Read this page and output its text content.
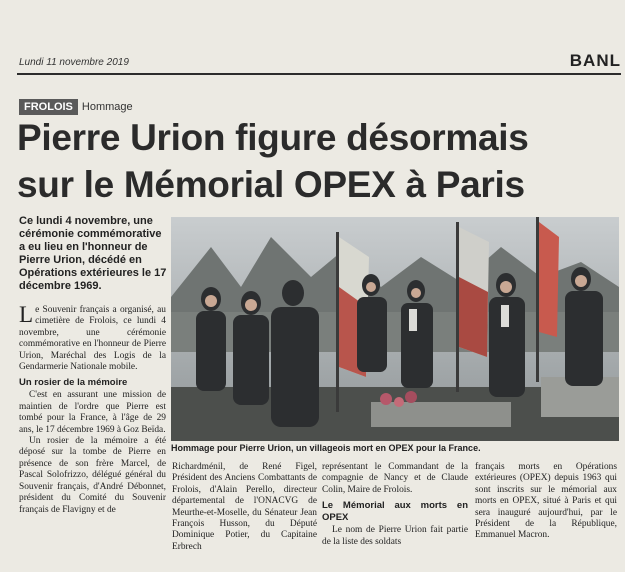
Lundi 11 novembre 2019	BANL
FROLOIS Hommage
Pierre Urion figure désormais
sur le Mémorial OPEX à Paris
Ce lundi 4 novembre, une cérémonie commémorative a eu lieu en l'honneur de Pierre Urion, décédé en Opérations extérieures le 17 décembre 1969.

Le Souvenir français a organisé, au cimetière de Frolois, ce lundi 4 novembre, une cérémonie commémorative en l'honneur de Pierre Urion, Maréchal des Logis de la Gendarmerie Nationale mobile.

Un rosier de la mémoire

C'est en assurant une mission de maintien de l'ordre que Pierre est tombé pour la France, à l'âge de 29 ans, le 17 décembre 1969 à Goz Beïda.

Un rosier de la mémoire a été déposé sur la tombe de Pierre en présence de son frère Marcel, de Pascal Solofrizzo, délégué général du Souvenir français, d'André Débonnet, président du Comité du Souvenir français de Flavigny et de

Hommage pour Pierre Urion, un villageois mort en OPEX pour la France.

Richardménil, de René Figel, Président des Anciens Combattants de Frolois, d'Alain Perello, directeur départemental de l'ONACVG de Meurthe-et-Moselle, du Sénateur Jean François Husson, du Député Dominique Potier, du Capitaine Erbrech

représentant le Commandant de la compagnie de Nancy et de Claude Colin, Maire de Frolois.

Le Mémorial aux morts en OPEX

Le nom de Pierre Urion fait partie de la liste des soldats

français morts en Opérations extérieures (OPEX) depuis 1963 qui sont inscrits sur le mémorial aux morts en OPEX, situé à Paris et qui sera inauguré aujourd'hui, par le Président de la République, Emmanuel Macron.
